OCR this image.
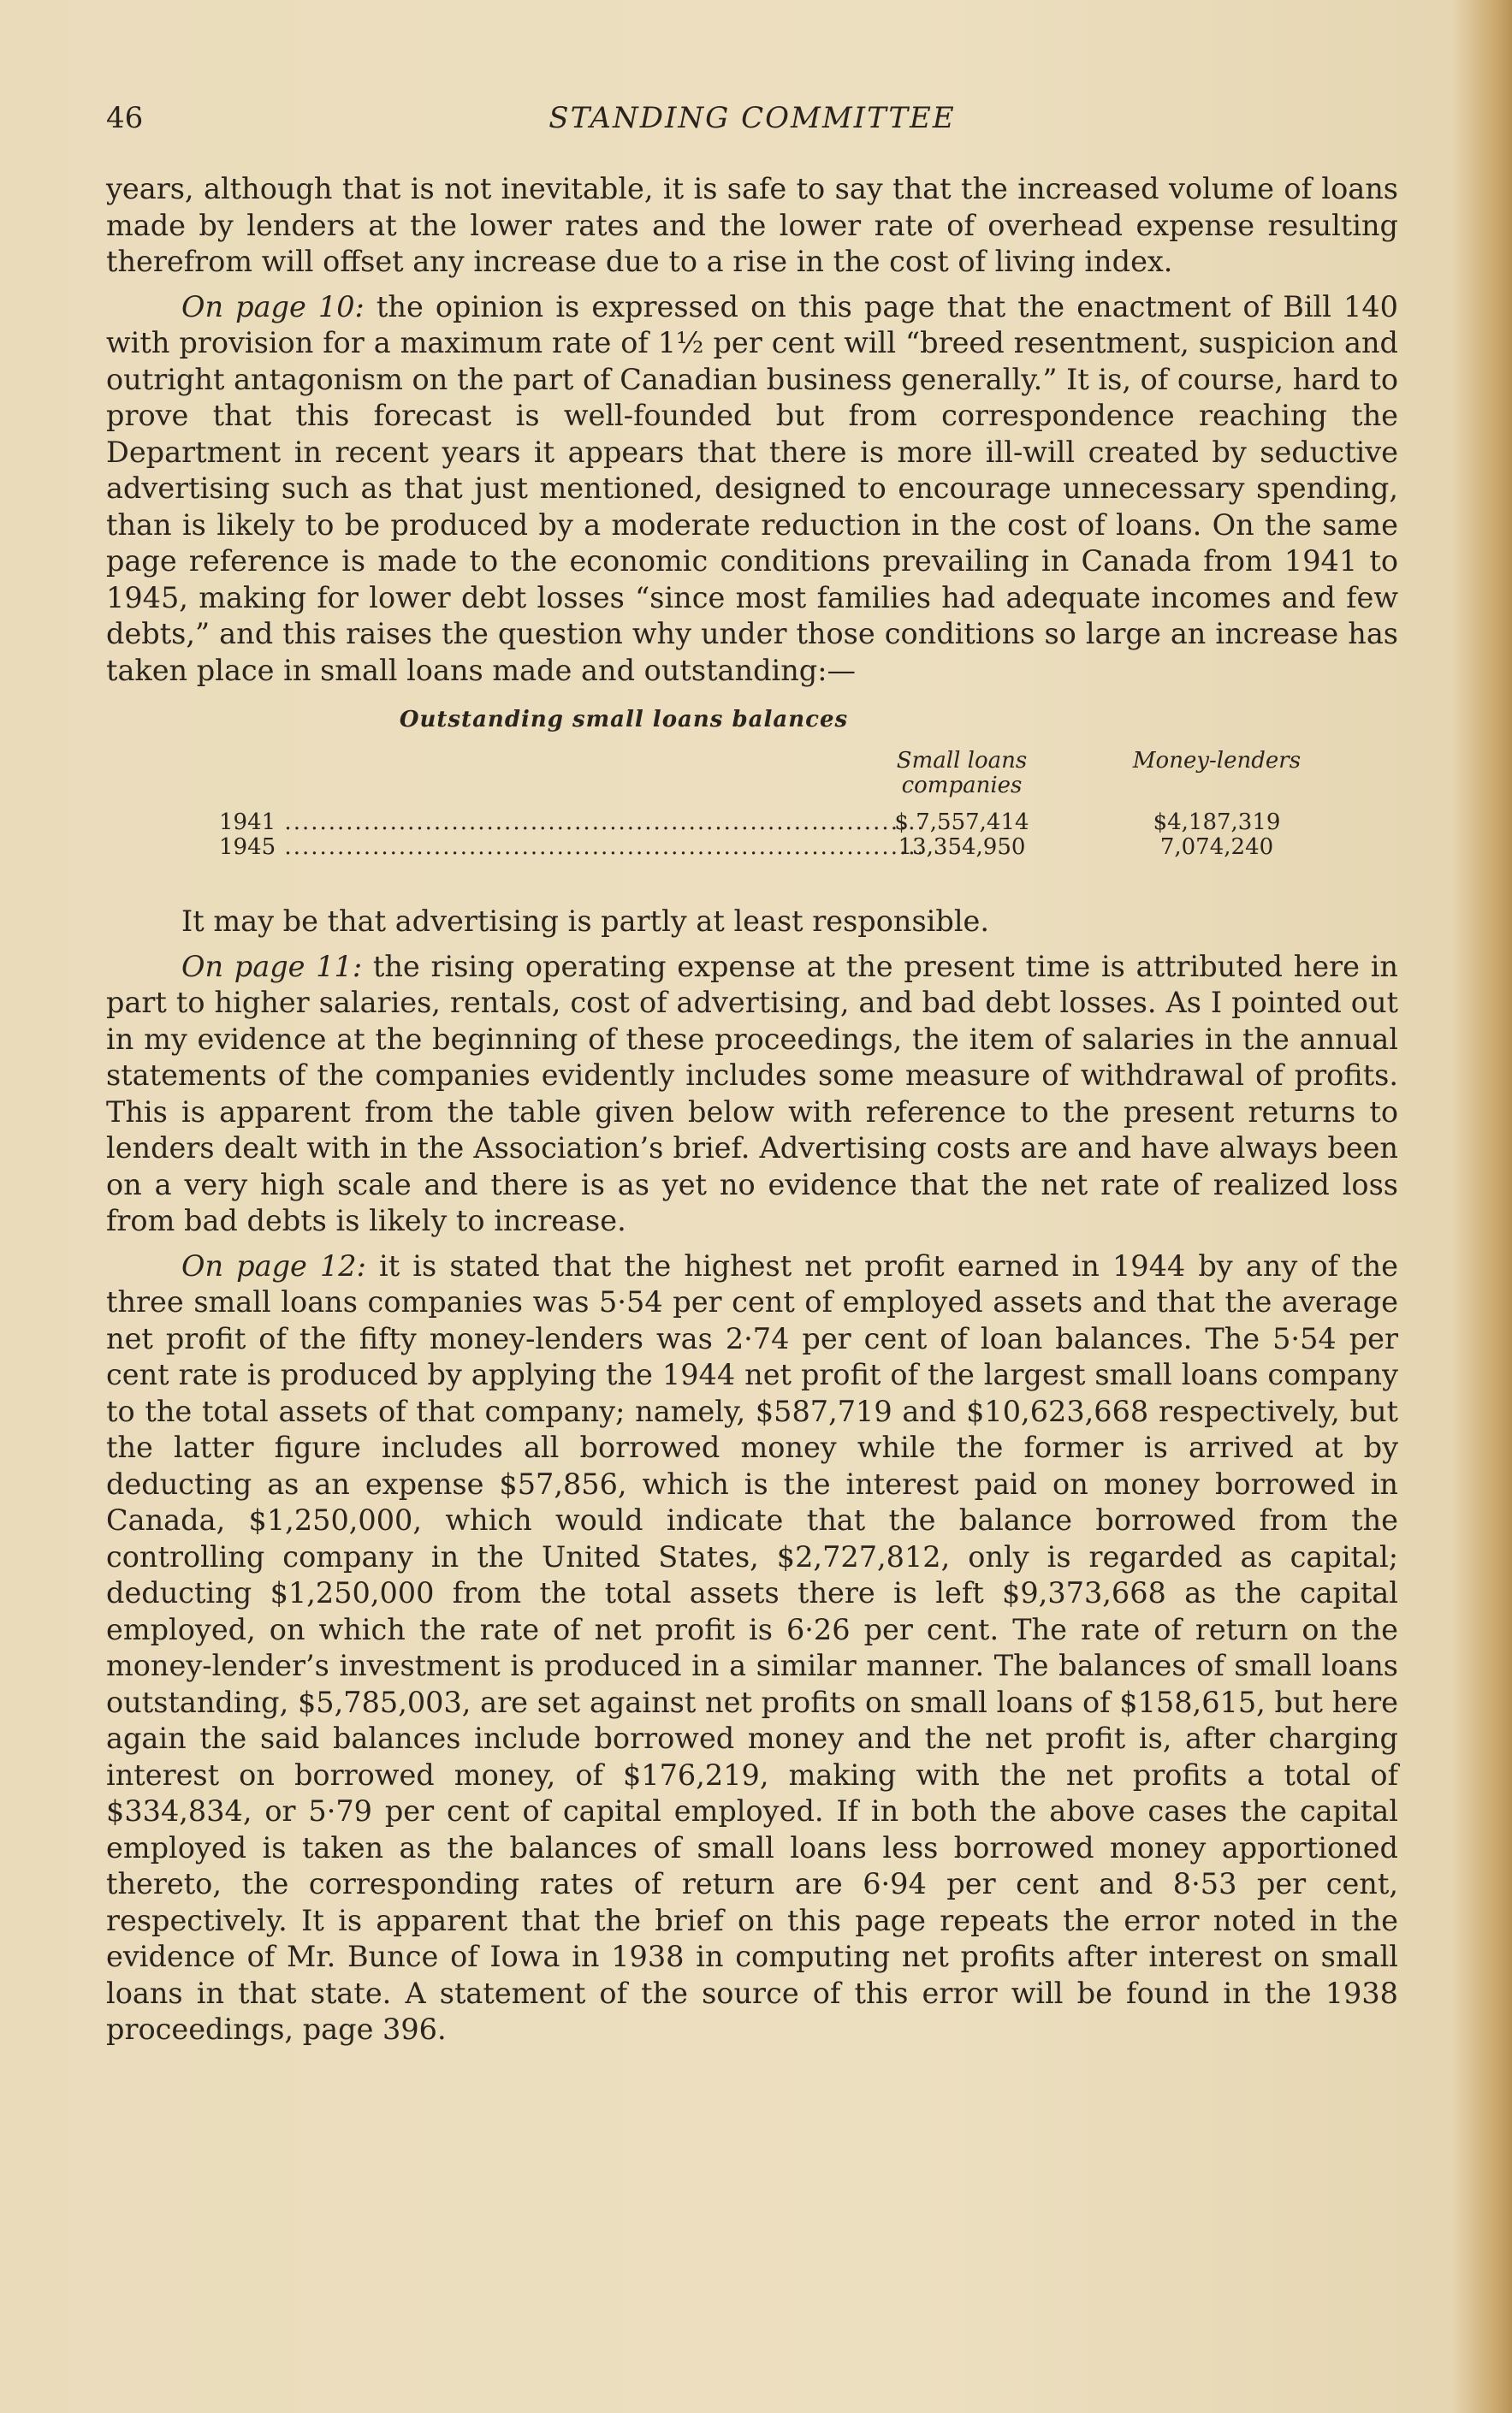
46	STANDING COMMITTEE

years, although that is not inevitable, it is safe to say that the increased volume of loans made by lenders at the lower rates and the lower rate of overhead expense resulting therefrom will offset any increase due to a rise in the cost of living index.

On page 10: the opinion is expressed on this page that the enactment of Bill 140 with provision for a maximum rate of 1½ per cent will “breed resentment, suspicion and outright antagonism on the part of Canadian business generally.” It is, of course, hard to prove that this forecast is well-founded but from correspondence reaching the Department in recent years it appears that there is more ill-will created by seductive advertising such as that just mentioned, designed to encourage unnecessary spending, than is likely to be produced by a moderate reduction in the cost of loans. On the same page reference is made to the economic conditions prevailing in Canada from 1941 to 1945, making for lower debt losses “since most families had adequate incomes and few debts,” and this raises the question why under those conditions so large an increase has taken place in small loans made and outstanding:—

Outstanding small loans balances
Small loans companies
Money-lenders
1941 .....	$ 7,557,414	$4,187,319
1945 .....	13,354,950	7,074,240

It may be that advertising is partly at least responsible.

On page 11: the rising operating expense at the present time is attributed here in part to higher salaries, rentals, cost of advertising, and bad debt losses. As I pointed out in my evidence at the beginning of these proceedings, the item of salaries in the annual statements of the companies evidently includes some measure of withdrawal of profits. This is apparent from the table given below with reference to the present returns to lenders dealt with in the Association’s brief. Advertising costs are and have always been on a very high scale and there is as yet no evidence that the net rate of realized loss from bad debts is likely to increase.

On page 12: it is stated that the highest net profit earned in 1944 by any of the three small loans companies was 5·54 per cent of employed assets and that the average net profit of the fifty money-lenders was 2·74 per cent of loan balances. The 5·54 per cent rate is produced by applying the 1944 net profit of the largest small loans company to the total assets of that company; namely, $587,719 and $10,623,668 respectively, but the latter figure includes all borrowed money while the former is arrived at by deducting as an expense $57,856, which is the interest paid on money borrowed in Canada, $1,250,000, which would indicate that the balance borrowed from the controlling company in the United States, $2,727,812, only is regarded as capital; deducting $1,250,000 from the total assets there is left $9,373,668 as the capital employed, on which the rate of net profit is 6·26 per cent. The rate of return on the money-lender’s investment is produced in a similar manner. The balances of small loans outstanding, $5,785,003, are set against net profits on small loans of $158,615, but here again the said balances include borrowed money and the net profit is, after charging interest on borrowed money, of $176,219, making with the net profits a total of $334,834, or 5·79 per cent of capital employed. If in both the above cases the capital employed is taken as the balances of small loans less borrowed money apportioned thereto, the corresponding rates of return are 6·94 per cent and 8·53 per cent, respectively. It is apparent that the brief on this page repeats the error noted in the evidence of Mr. Bunce of Iowa in 1938 in computing net profits after interest on small loans in that state. A statement of the source of this error will be found in the 1938 proceedings, page 396.
